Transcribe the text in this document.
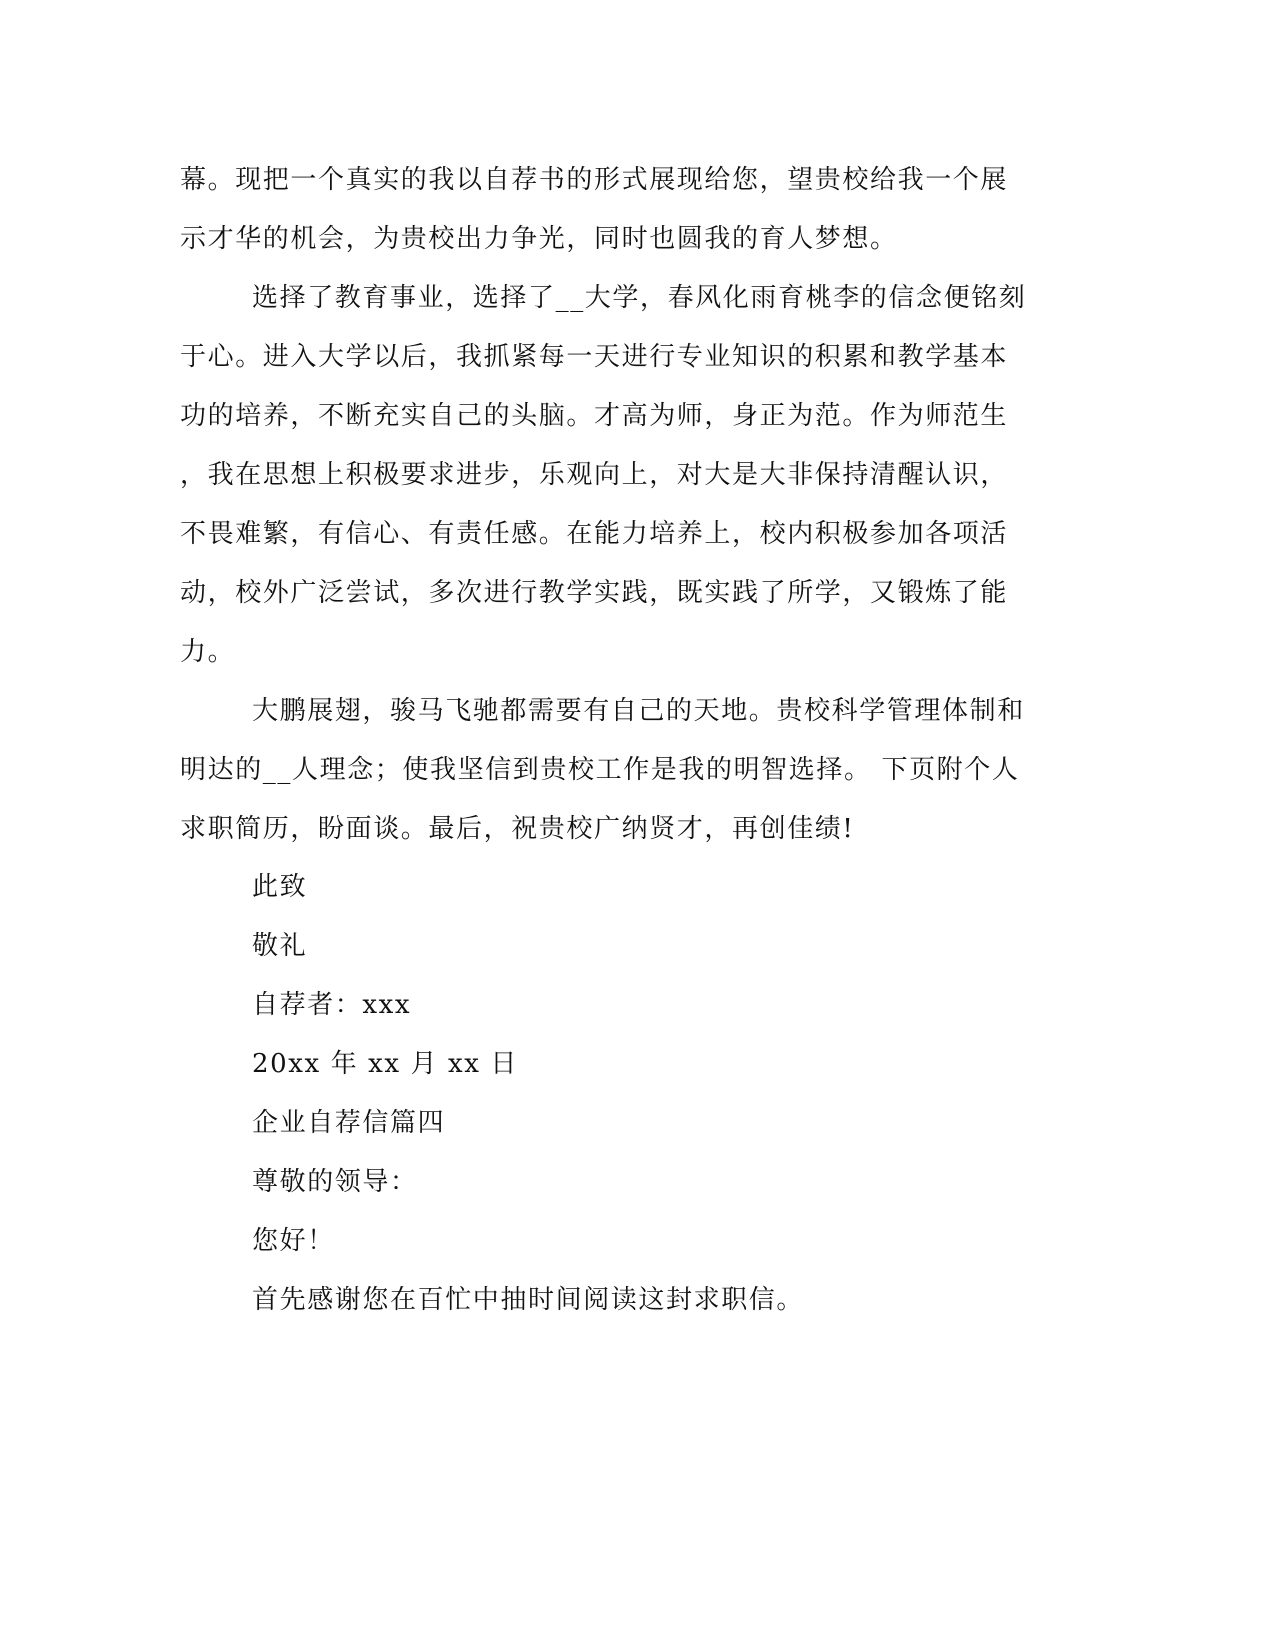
幕。现把一个真实的我以自荐书的形式展现给您，望贵校给我一个展
示才华的机会，为贵校出力争光，同时也圆我的育人梦想。
选择了教育事业，选择了__大学，春风化雨育桃李的信念便铭刻
于心。进入大学以后，我抓紧每一天进行专业知识的积累和教学基本
功的培养，不断充实自己的头脑。才高为师，身正为范。作为师范生
，我在思想上积极要求进步，乐观向上，对大是大非保持清醒认识，
不畏难繁，有信心、有责任感。在能力培养上，校内积极参加各项活
动，校外广泛尝试，多次进行教学实践，既实践了所学，又锻炼了能
力。
大鹏展翅，骏马飞驰都需要有自己的天地。贵校科学管理体制和
明达的__人理念；使我坚信到贵校工作是我的明智选择。 下页附个人
求职简历，盼面谈。最后，祝贵校广纳贤才，再创佳绩!
此致
敬礼
自荐者：xxx
20xx 年 xx 月 xx 日
企业自荐信篇四
尊敬的领导：
您好！
首先感谢您在百忙中抽时间阅读这封求职信。
